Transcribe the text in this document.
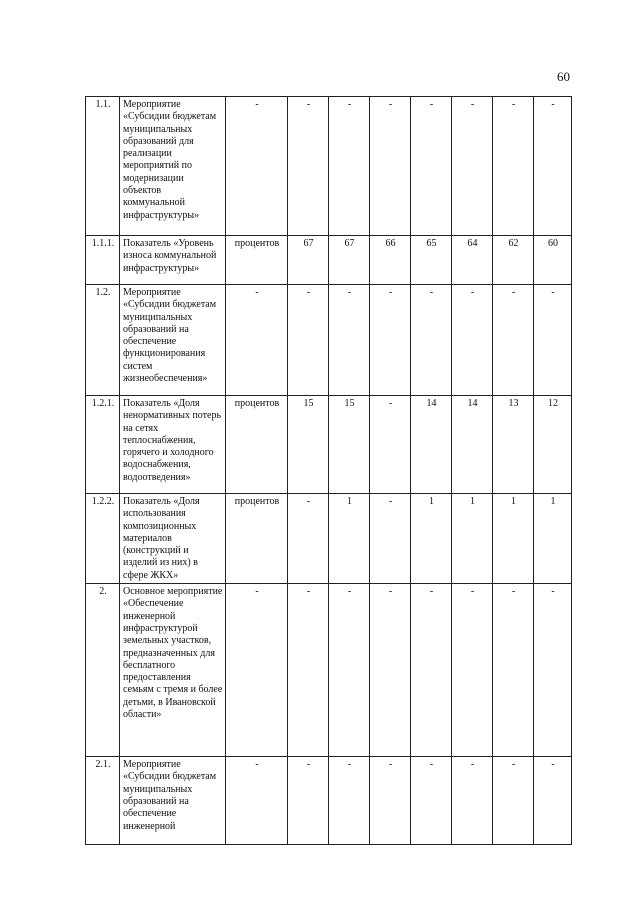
60
1.1.	Мероприятие «Субсидии бюджетам муниципальных образований для реализации мероприятий по модернизации объектов коммунальной инфраструктуры»	-	-	-	-	-	-	-	-
1.1.1.	Показатель «Уровень износа коммунальной инфраструктуры»	процентов	67	67	66	65	64	62	60
1.2.	Мероприятие «Субсидии бюджетам муниципальных образований на обеспечение функционирования систем жизнеобеспечения»	-	-	-	-	-	-	-	-
1.2.1.	Показатель «Доля ненормативных потерь на сетях теплоснабжения, горячего и холодного водоснабжения, водоотведения»	процентов	15	15	-	14	14	13	12
1.2.2.	Показатель «Доля использования композиционных материалов (конструкций и изделий из них) в сфере ЖКХ»	процентов	-	1	-	1	1	1	1
2.	Основное мероприятие «Обеспечение инженерной инфраструктурой земельных участков, предназначенных для бесплатного предоставления семьям с тремя и более детьми, в Ивановской области»	-	-	-	-	-	-	-	-
2.1.	Мероприятие «Субсидии бюджетам муниципальных образований на обеспечение инженерной	-	-	-	-	-	-	-	-
